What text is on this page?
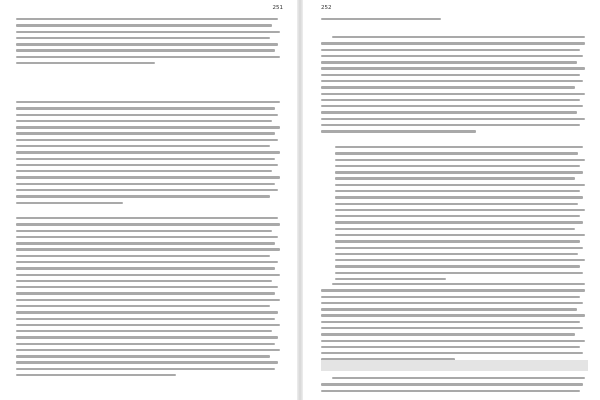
251	252
